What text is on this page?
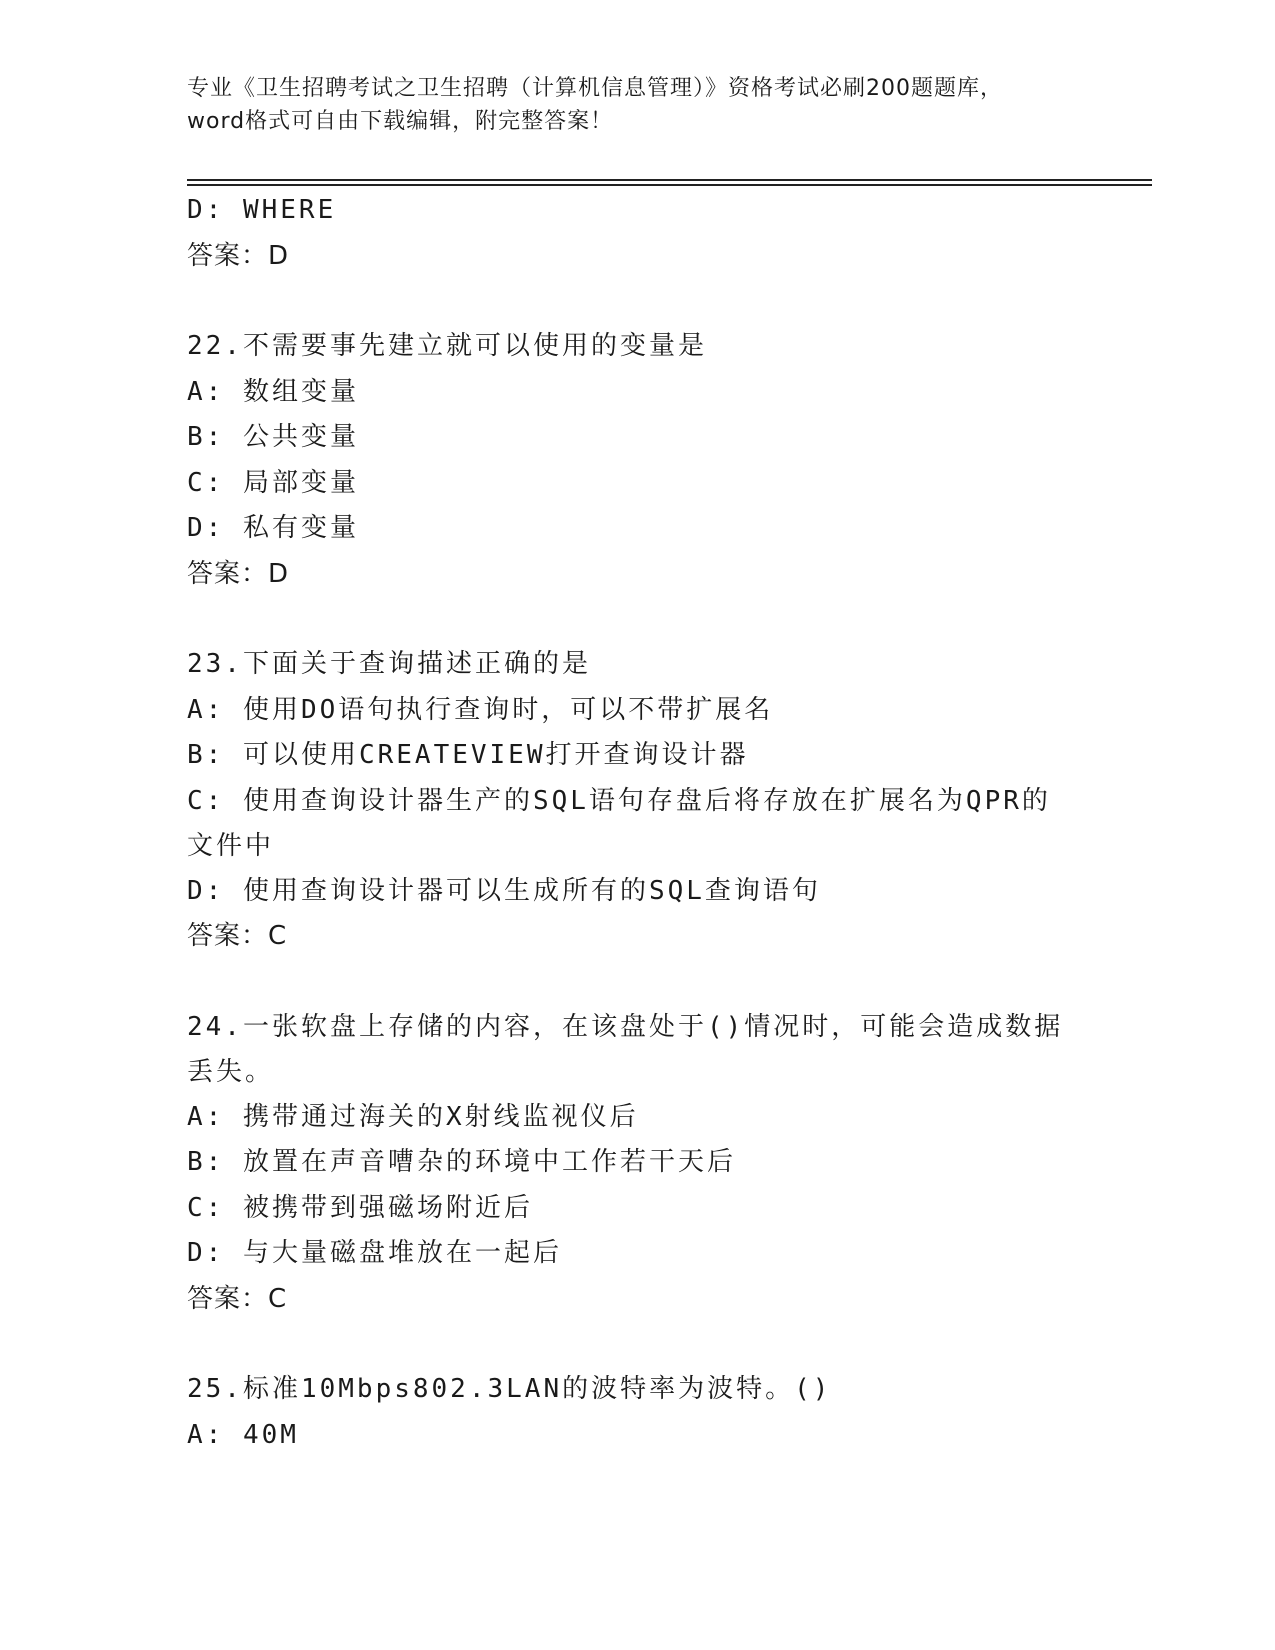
专业《卫生招聘考试之卫生招聘（计算机信息管理）》资格考试必刷200题题库，
word格式可自由下载编辑，附完整答案！

D: WHERE

答案：D

22.不需要事先建立就可以使用的变量是

A: 数组变量

B: 公共变量

C: 局部变量

D: 私有变量

答案：D

23.下面关于查询描述正确的是

A: 使用DO语句执行查询时，可以不带扩展名

B: 可以使用CREATEVIEW打开查询设计器

C: 使用查询设计器生产的SQL语句存盘后将存放在扩展名为QPR的文件中

D: 使用查询设计器可以生成所有的SQL查询语句

答案：C

24.一张软盘上存储的内容，在该盘处于()情况时，可能会造成数据丢失。

A: 携带通过海关的X射线监视仪后

B: 放置在声音嘈杂的环境中工作若干天后

C: 被携带到强磁场附近后

D: 与大量磁盘堆放在一起后

答案：C

25.标准10Mbps802.3LAN的波特率为波特。()

A: 40M
